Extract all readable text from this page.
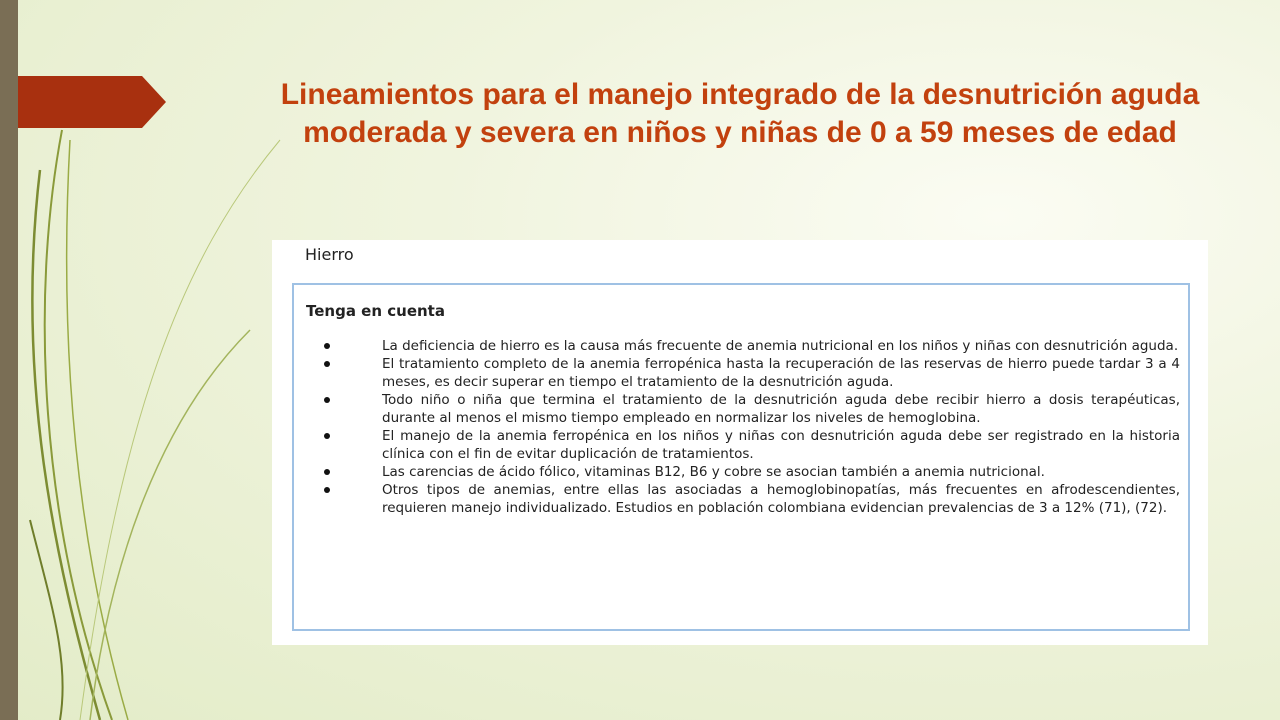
Lineamientos para el manejo integrado de la desnutrición aguda moderada y severa en niños y niñas de 0 a 59 meses de edad
Hierro
Tenga en cuenta
La deficiencia de hierro es la causa más frecuente de anemia nutricional en los niños y niñas con desnutrición aguda.
El tratamiento completo de la anemia ferropénica hasta la recuperación de las reservas de hierro puede tardar 3 a 4 meses, es decir superar en tiempo el tratamiento de la desnutrición aguda.
Todo niño o niña que termina el tratamiento de la desnutrición aguda debe recibir hierro a dosis terapéuticas, durante al menos el mismo tiempo empleado en normalizar los niveles de hemoglobina.
El manejo de la anemia ferropénica en los niños y niñas con desnutrición aguda debe ser registrado en la historia clínica con el fin de evitar duplicación de tratamientos.
Las carencias de ácido fólico, vitaminas B12, B6 y cobre se asocian también a anemia nutricional.
Otros tipos de anemias, entre ellas las asociadas a hemoglobinopatías, más frecuentes en afrodescendientes, requieren manejo individualizado. Estudios en población colombiana evidencian prevalencias de 3 a 12% (71), (72).
